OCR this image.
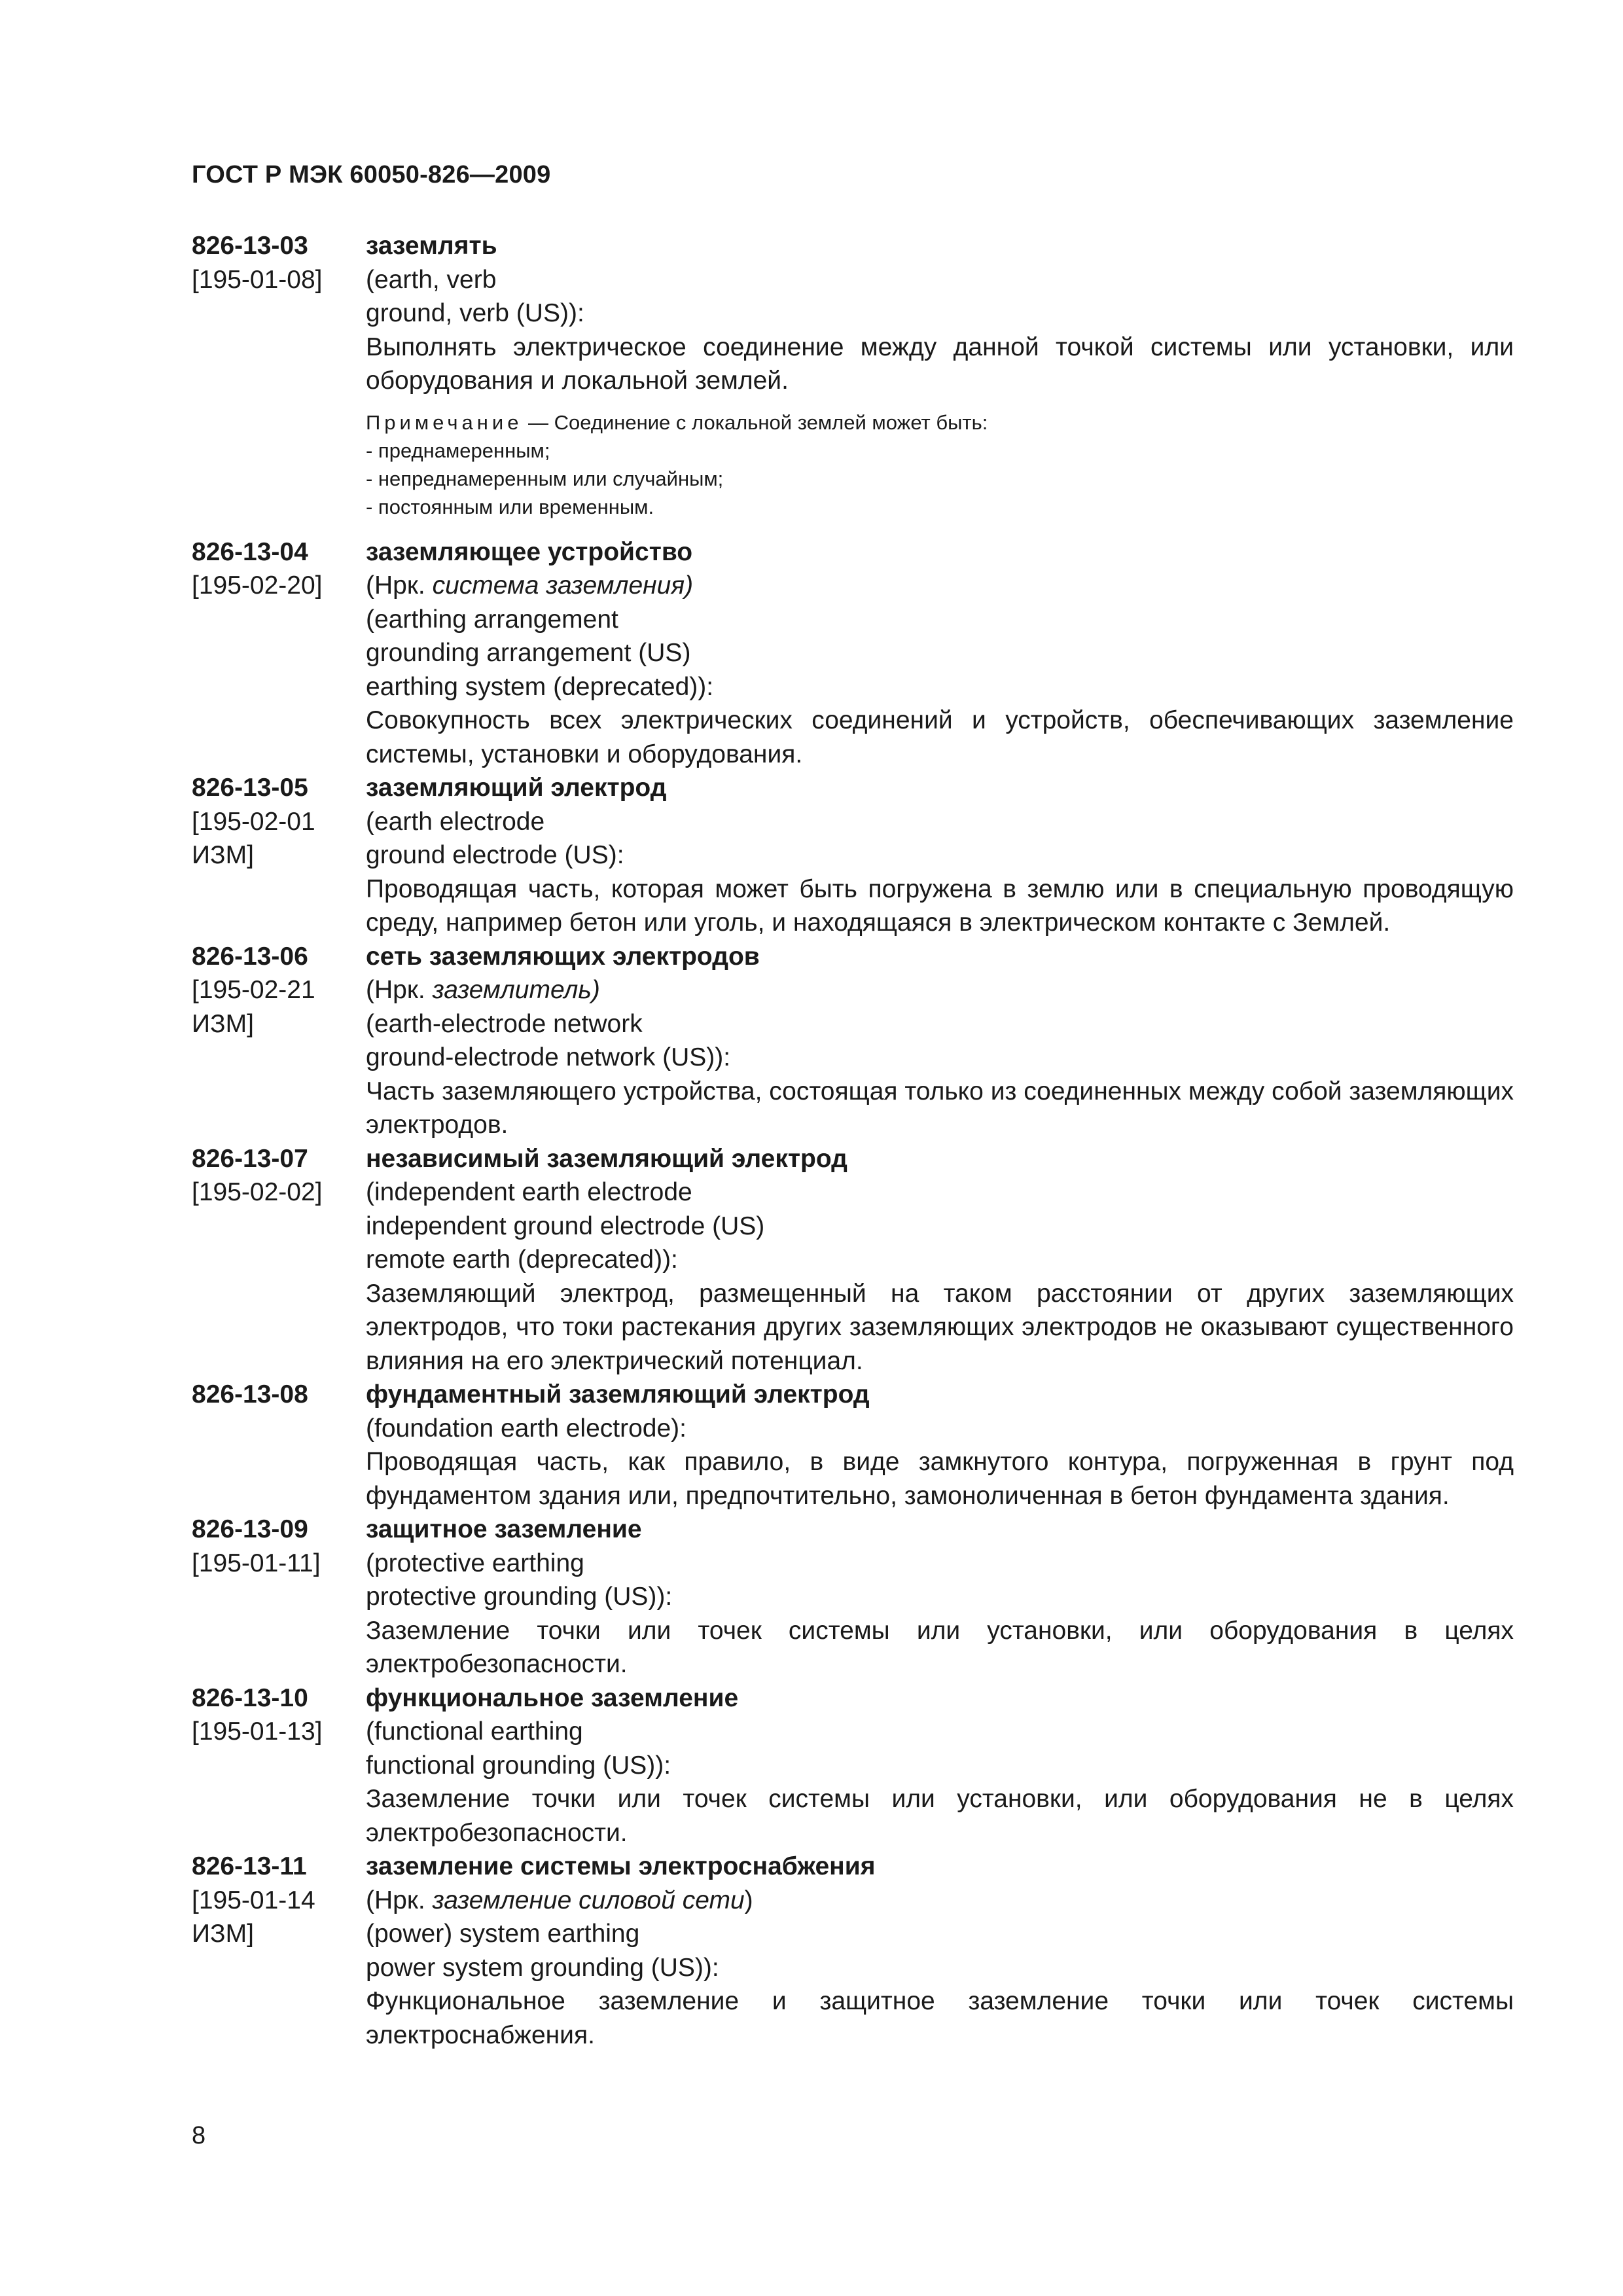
ГОСТ Р МЭК 60050-826—2009
826-13-03
[195-01-08]
заземлять
(earth, verb
ground, verb (US)):
Выполнять электрическое соединение между данной точкой системы или установки, или оборудования и локальной землей.
Примечание — Соединение с локальной землей может быть:
- преднамеренным;
- непреднамеренным или случайным;
- постоянным или временным.
826-13-04
[195-02-20]
заземляющее устройство
(Нрк. система заземления)
(earthing arrangement
grounding arrangement (US)
earthing system (deprecated)):
Совокупность всех электрических соединений и устройств, обеспечивающих заземление системы, установки и оборудования.
826-13-05
[195-02-01
ИЗМ]
заземляющий электрод
(earth electrode
ground electrode (US):
Проводящая часть, которая может быть погружена в землю или в специальную проводящую среду, например бетон или уголь, и находящаяся в электрическом контакте с Землей.
826-13-06
[195-02-21
ИЗМ]
сеть заземляющих электродов
(Нрк. заземлитель)
(earth-electrode network
ground-electrode network (US)):
Часть заземляющего устройства, состоящая только из соединенных между собой заземляющих электродов.
826-13-07
[195-02-02]
независимый заземляющий электрод
(independent earth electrode
independent ground electrode (US)
remote earth (deprecated)):
Заземляющий электрод, размещенный на таком расстоянии от других заземляющих электродов, что токи растекания других заземляющих электродов не оказывают существенного влияния на его электрический потенциал.
826-13-08	фундаментный заземляющий электрод
(foundation earth electrode):
Проводящая часть, как правило, в виде замкнутого контура, погруженная в грунт под фундаментом здания или, предпочтительно, замоноличенная в бетон фундамента здания.
826-13-09
[195-01-11]
защитное заземление
(protective earthing
protective grounding (US)):
Заземление точки или точек системы или установки, или оборудования в целях электробезопасности.
826-13-10
[195-01-13]
функциональное заземление
(functional earthing
functional grounding (US)):
Заземление точки или точек системы или установки, или оборудования не в целях электробезопасности.
826-13-11
[195-01-14
ИЗМ]
заземление системы электроснабжения
(Нрк. заземление силовой сети)
(power) system earthing
power system grounding (US)):
Функциональное заземление и защитное заземление точки или точек системы электроснабжения.
8
